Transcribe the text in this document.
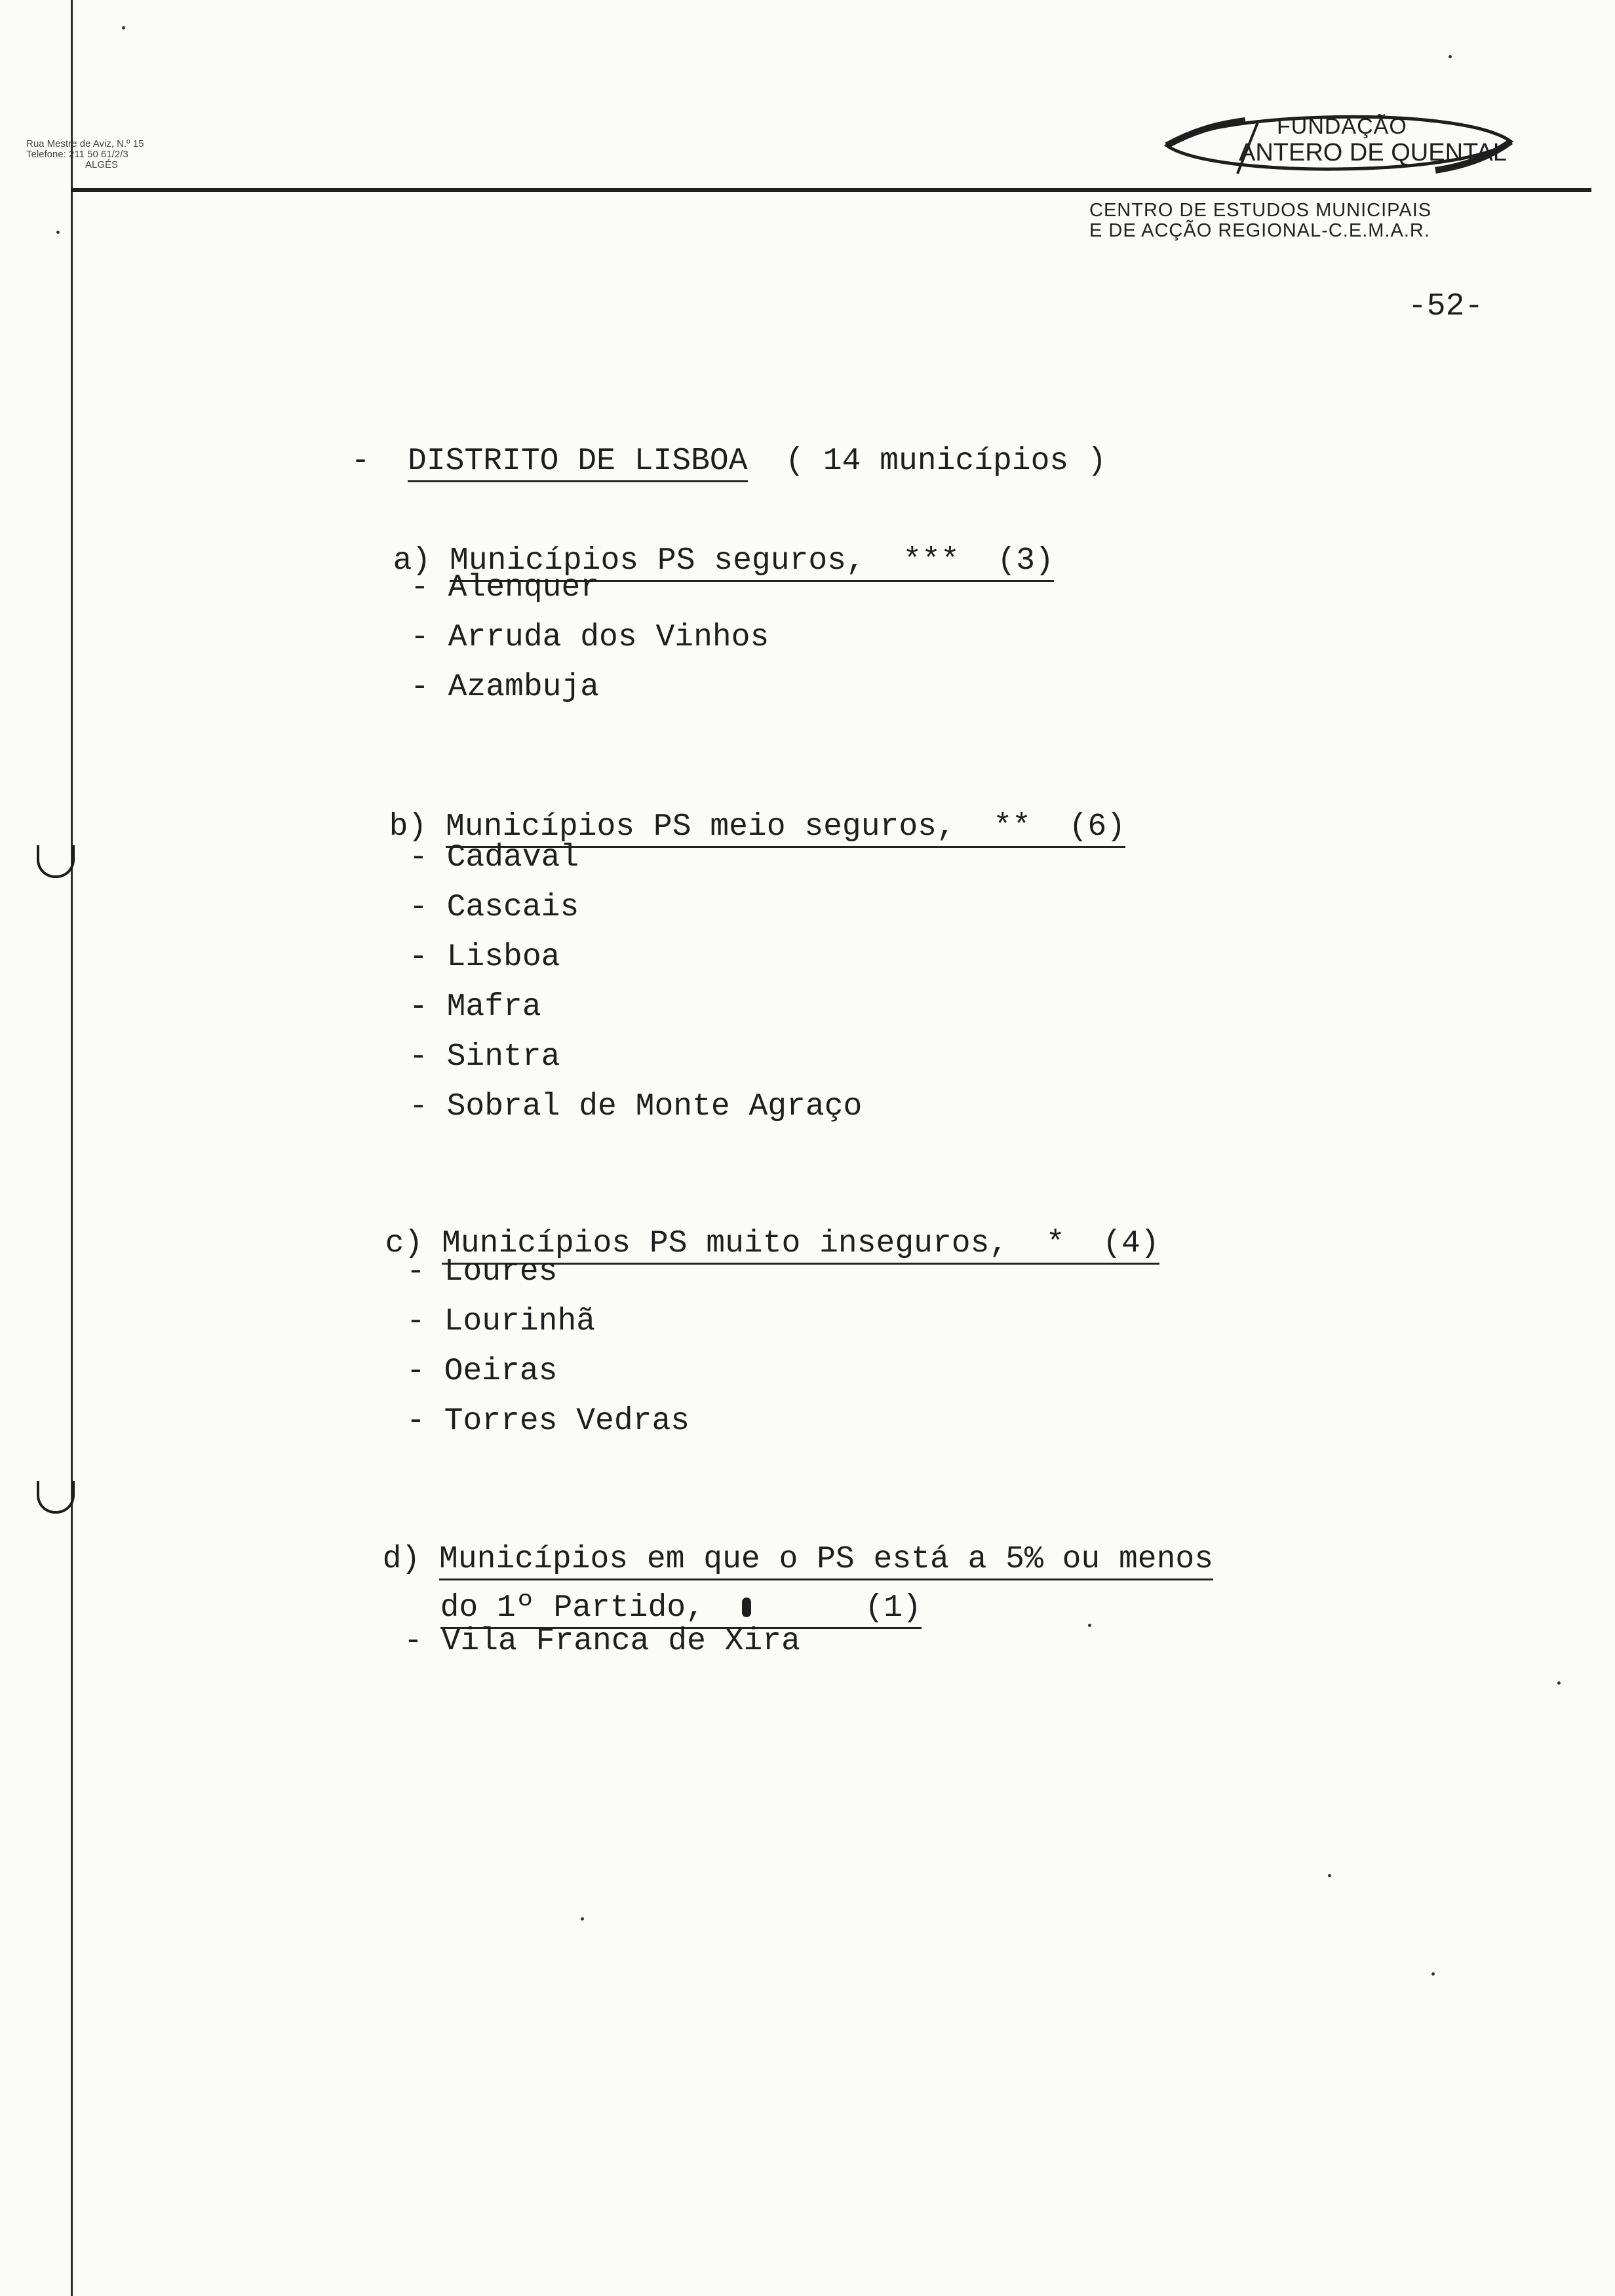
Rua Mestre de Aviz, N.º 15
Telefone: 211 50 61/2/3
ALGÉS
FUNDAÇÃO
ANTERO DE QUENTAL
CENTRO DE ESTUDOS MUNICIPAIS
E DE ACÇÃO REGIONAL-C.E.M.A.R.
-52-

- DISTRITO DE LISBOA ( 14 municípios )

a) Municípios PS seguros, *** (3)

- Alenquer
- Arruda dos Vinhos
- Azambuja

b) Municípios PS meio seguros, ** (6)

- Cadaval
- Cascais
- Lisboa
- Mafra
- Sintra
- Sobral de Monte Agraço

c) Municípios PS muito inseguros, * (4)

- Loures
- Lourinhã
- Oeiras
- Torres Vedras

d) Municípios em que o PS está a 5% ou menos

do 1º Partido,	(1)

- Vila Franca de Xira
